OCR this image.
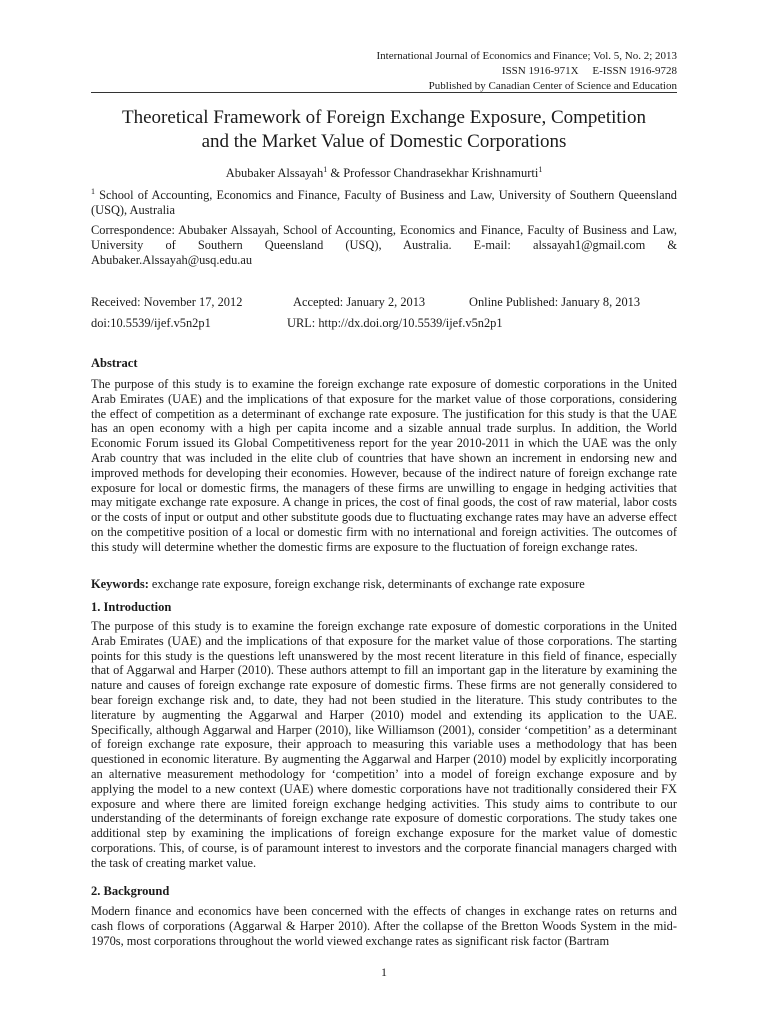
International Journal of Economics and Finance; Vol. 5, No. 2; 2013
ISSN 1916-971X     E-ISSN 1916-9728
Published by Canadian Center of Science and Education
Theoretical Framework of Foreign Exchange Exposure, Competition
and the Market Value of Domestic Corporations
Abubaker Alssayah$^1$ & Professor Chandrasekhar Krishnamurti$^1$
$^1$ School of Accounting, Economics and Finance, Faculty of Business and Law, University of Southern Queensland (USQ), Australia
Correspondence: Abubaker Alssayah, School of Accounting, Economics and Finance, Faculty of Business and Law, University of Southern Queensland (USQ), Australia. E-mail: alssayah1@gmail.com & Abubaker.Alssayah@usq.edu.au
Received: November 17, 2012	Accepted: January 2, 2013	Online Published: January 8, 2013
doi:10.5539/ijef.v5n2p1	URL: http://dx.doi.org/10.5539/ijef.v5n2p1
Abstract
The purpose of this study is to examine the foreign exchange rate exposure of domestic corporations in the United Arab Emirates (UAE) and the implications of that exposure for the market value of those corporations, considering the effect of competition as a determinant of exchange rate exposure. The justification for this study is that the UAE has an open economy with a high per capita income and a sizable annual trade surplus. In addition, the World Economic Forum issued its Global Competitiveness report for the year 2010-2011 in which the UAE was the only Arab country that was included in the elite club of countries that have shown an increment in endorsing new and improved methods for developing their economies. However, because of the indirect nature of foreign exchange rate exposure for local or domestic firms, the managers of these firms are unwilling to engage in hedging activities that may mitigate exchange rate exposure. A change in prices, the cost of final goods, the cost of raw material, labor costs or the costs of input or output and other substitute goods due to fluctuating exchange rates may have an adverse effect on the competitive position of a local or domestic firm with no international and foreign activities. The outcomes of this study will determine whether the domestic firms are exposure to the fluctuation of foreign exchange rates.
Keywords: exchange rate exposure, foreign exchange risk, determinants of exchange rate exposure
1. Introduction
The purpose of this study is to examine the foreign exchange rate exposure of domestic corporations in the United Arab Emirates (UAE) and the implications of that exposure for the market value of those corporations. The starting points for this study is the questions left unanswered by the most recent literature in this field of finance, especially that of Aggarwal and Harper (2010). These authors attempt to fill an important gap in the literature by examining the nature and causes of foreign exchange rate exposure of domestic firms. These firms are not generally considered to bear foreign exchange risk and, to date, they had not been studied in the literature. This study contributes to the literature by augmenting the Aggarwal and Harper (2010) model and extending its application to the UAE. Specifically, although Aggarwal and Harper (2010), like Williamson (2001), consider ‘competition’ as a determinant of foreign exchange rate exposure, their approach to measuring this variable uses a methodology that has been questioned in economic literature. By augmenting the Aggarwal and Harper (2010) model by explicitly incorporating an alternative measurement methodology for ‘competition’ into a model of foreign exchange exposure and by applying the model to a new context (UAE) where domestic corporations have not traditionally considered their FX exposure and where there are limited foreign exchange hedging activities. This study aims to contribute to our understanding of the determinants of foreign exchange rate exposure of domestic corporations. The study takes one additional step by examining the implications of foreign exchange exposure for the market value of domestic corporations. This, of course, is of paramount interest to investors and the corporate financial managers charged with the task of creating market value.
2. Background
Modern finance and economics have been concerned with the effects of changes in exchange rates on returns and cash flows of corporations (Aggarwal & Harper 2010). After the collapse of the Bretton Woods System in the mid-1970s, most corporations throughout the world viewed exchange rates as significant risk factor (Bartram
1
